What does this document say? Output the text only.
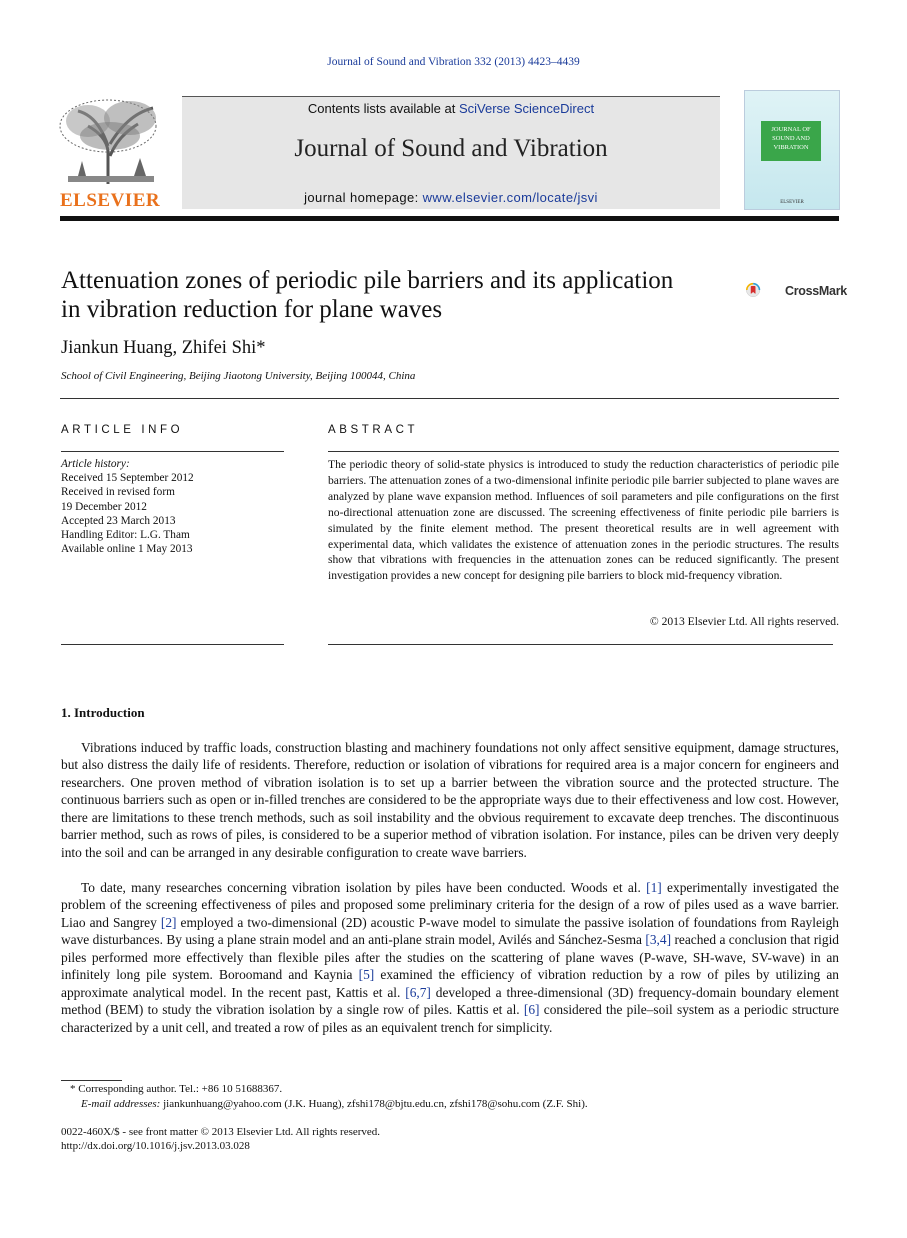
Journal of Sound and Vibration 332 (2013) 4423–4439
ELSEVIER
Contents lists available at SciVerse ScienceDirect
Journal of Sound and Vibration
journal homepage: www.elsevier.com/locate/jsvi
JOURNAL OF SOUND AND VIBRATION
ELSEVIER
Attenuation zones of periodic pile barriers and its application
in vibration reduction for plane waves
CrossMark
Jiankun Huang, Zhifei Shi*
School of Civil Engineering, Beijing Jiaotong University, Beijing 100044, China
ARTICLE INFO
Article history:
Received 15 September 2012
Received in revised form
19 December 2012
Accepted 23 March 2013
Handling Editor: L.G. Tham
Available online 1 May 2013
ABSTRACT
The periodic theory of solid-state physics is introduced to study the reduction characteristics of periodic pile barriers. The attenuation zones of a two-dimensional infinite periodic pile barrier subjected to plane waves are analyzed by plane wave expansion method. Influences of soil parameters and pile configurations on the first no-directional attenuation zone are discussed. The screening effectiveness of finite periodic pile barriers is simulated by the finite element method. The present theoretical results are in well agreement with experimental data, which validates the existence of attenuation zones in the periodic structures. The results show that vibrations with frequencies in the attenuation zones can be reduced significantly. The present investigation provides a new concept for designing pile barriers to block mid-frequency vibration.
© 2013 Elsevier Ltd. All rights reserved.
1. Introduction
Vibrations induced by traffic loads, construction blasting and machinery foundations not only affect sensitive equipment, damage structures, but also distress the daily life of residents. Therefore, reduction or isolation of vibrations for required area is a major concern for engineers and researchers. One proven method of vibration isolation is to set up a barrier between the vibration source and the protected structure. The continuous barriers such as open or in-filled trenches are considered to be the appropriate ways due to their effectiveness and low cost. However, there are limitations to these trench methods, such as soil instability and the obvious requirement to excavate deep trenches. The discontinuous barrier method, such as rows of piles, is considered to be a superior method of vibration isolation. For instance, piles can be driven very deeply into the soil and can be arranged in any desirable configuration to create wave barriers.
To date, many researches concerning vibration isolation by piles have been conducted. Woods et al. [1] experimentally investigated the problem of the screening effectiveness of piles and proposed some preliminary criteria for the design of a row of piles used as a wave barrier. Liao and Sangrey [2] employed a two-dimensional (2D) acoustic P-wave model to simulate the passive isolation of foundations from Rayleigh wave disturbances. By using a plane strain model and an anti-plane strain model, Avilés and Sánchez-Sesma [3,4] reached a conclusion that rigid piles performed more effectively than flexible piles after the studies on the scattering of plane waves (P-wave, SH-wave, SV-wave) in an infinitely long pile system. Boroomand and Kaynia [5] examined the efficiency of vibration reduction by a row of piles by utilizing an approximate analytical model. In the recent past, Kattis et al. [6,7] developed a three-dimensional (3D) frequency-domain boundary element method (BEM) to study the vibration isolation by a single row of piles. Kattis et al. [6] considered the pile–soil system as a periodic structure characterized by a unit cell, and treated a row of piles as an equivalent trench for simplicity.
* Corresponding author. Tel.: +86 10 51688367.
E-mail addresses: jiankunhuang@yahoo.com (J.K. Huang), zfshi178@bjtu.edu.cn, zfshi178@sohu.com (Z.F. Shi).
0022-460X/$ - see front matter © 2013 Elsevier Ltd. All rights reserved.
http://dx.doi.org/10.1016/j.jsv.2013.03.028
